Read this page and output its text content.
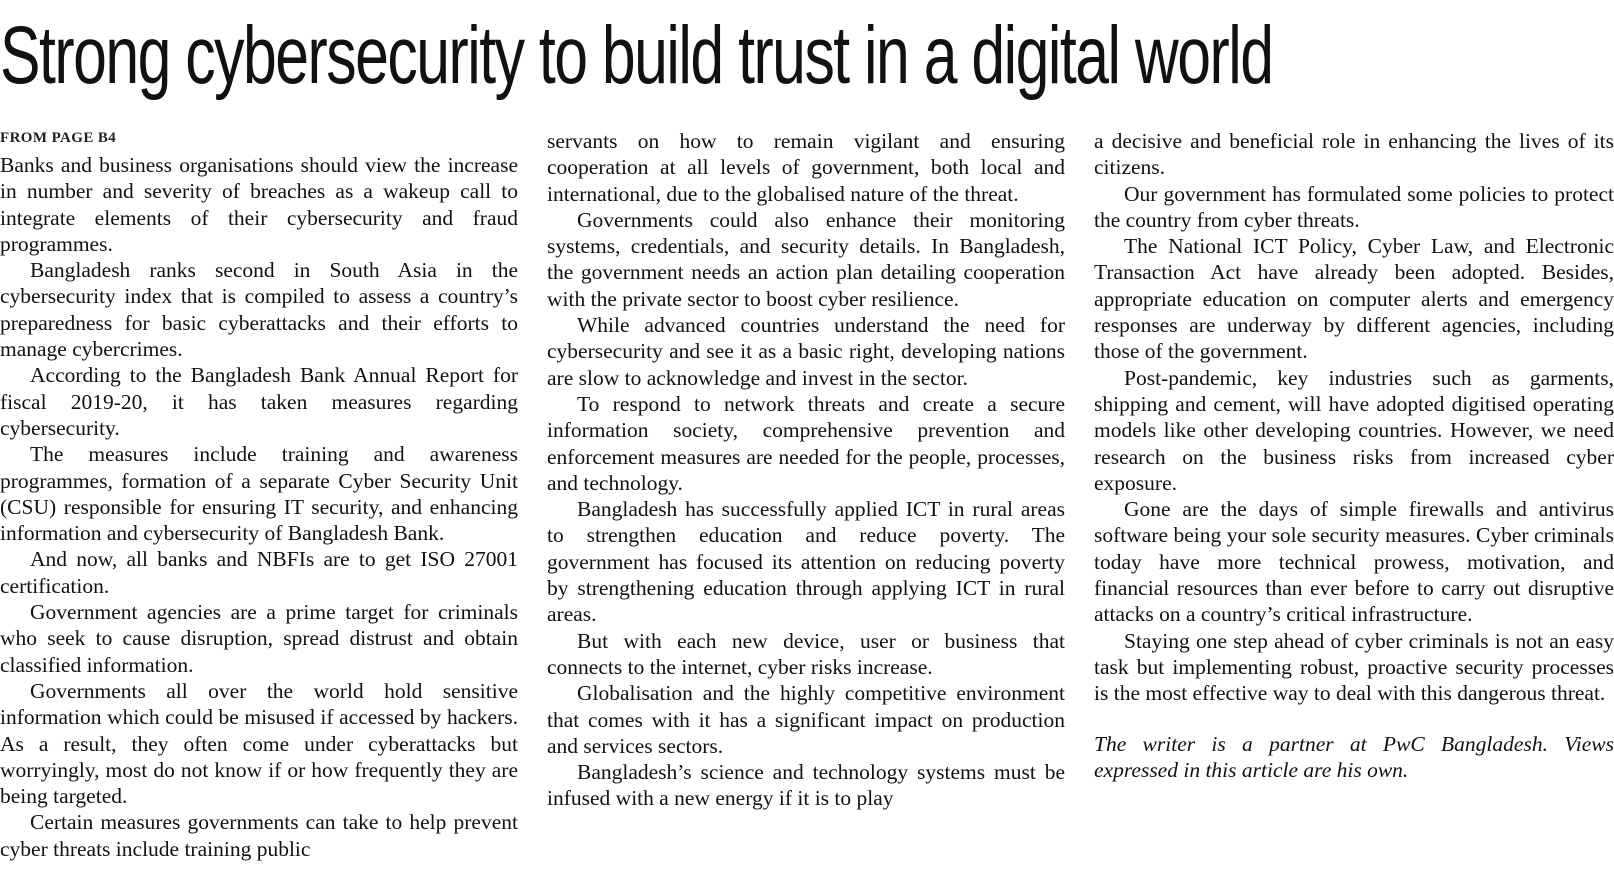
Strong cybersecurity to build trust in a digital world
FROM PAGE B4

Banks and business organisations should view the increase in number and severity of breaches as a wakeup call to integrate elements of their cybersecurity and fraud programmes.

Bangladesh ranks second in South Asia in the cybersecurity index that is compiled to assess a country’s preparedness for basic cyberattacks and their efforts to manage cybercrimes.

According to the Bangladesh Bank Annual Report for fiscal 2019-20, it has taken measures regarding cybersecurity.

The measures include training and awareness programmes, formation of a separate Cyber Security Unit (CSU) responsible for ensuring IT security, and enhancing information and cybersecurity of Bangladesh Bank.

And now, all banks and NBFIs are to get ISO 27001 certification.

Government agencies are a prime target for criminals who seek to cause disruption, spread distrust and obtain classified information.

Governments all over the world hold sensitive information which could be misused if accessed by hackers. As a result, they often come under cyberattacks but worryingly, most do not know if or how frequently they are being targeted.

Certain measures governments can take to help prevent cyber threats include training public

servants on how to remain vigilant and ensuring cooperation at all levels of government, both local and international, due to the globalised nature of the threat.

Governments could also enhance their monitoring systems, credentials, and security details. In Bangladesh, the government needs an action plan detailing cooperation with the private sector to boost cyber resilience.

While advanced countries understand the need for cybersecurity and see it as a basic right, developing nations are slow to acknowledge and invest in the sector.

To respond to network threats and create a secure information society, comprehensive prevention and enforcement measures are needed for the people, processes, and technology.

Bangladesh has successfully applied ICT in rural areas to strengthen education and reduce poverty. The government has focused its attention on reducing poverty by strengthening education through applying ICT in rural areas.

But with each new device, user or business that connects to the internet, cyber risks increase.

Globalisation and the highly competitive environment that comes with it has a significant impact on production and services sectors.

Bangladesh’s science and technology systems must be infused with a new energy if it is to play

a decisive and beneficial role in enhancing the lives of its citizens.

Our government has formulated some policies to protect the country from cyber threats.

The National ICT Policy, Cyber Law, and Electronic Transaction Act have already been adopted. Besides, appropriate education on computer alerts and emergency responses are underway by different agencies, including those of the government.

Post-pandemic, key industries such as garments, shipping and cement, will have adopted digitised operating models like other developing countries. However, we need research on the business risks from increased cyber exposure.

Gone are the days of simple firewalls and antivirus software being your sole security measures. Cyber criminals today have more technical prowess, motivation, and financial resources than ever before to carry out disruptive attacks on a country’s critical infrastructure.

Staying one step ahead of cyber criminals is not an easy task but implementing robust, proactive security processes is the most effective way to deal with this dangerous threat.

The writer is a partner at PwC Bangladesh. Views expressed in this article are his own.
